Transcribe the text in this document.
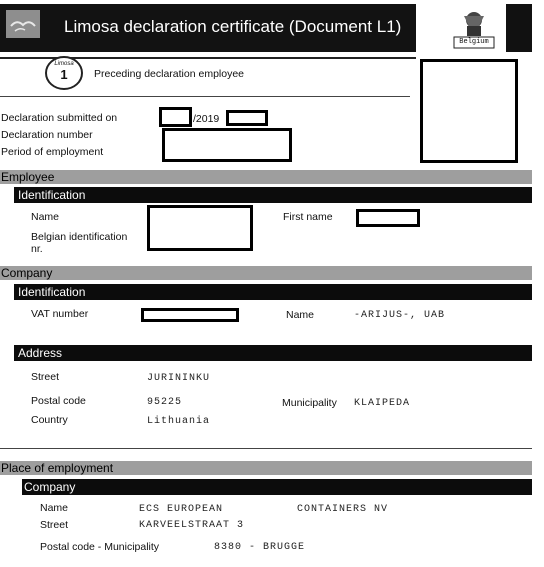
Limosa declaration certificate (Document L1)
Belgium
Limosa
1	Preceding declaration employee
Declaration submitted on	/2019
Declaration number
Period of employment
Employee
Identification
Name	First name
Belgian identification
nr.
Company
Identification
VAT number	Name	-ARIJUS-, UAB
Address
Street	JURININKU
Postal code	95225	Municipality KLAIPEDA
Country	Lithuania
Place of employment
Company
Name	ECS EUROPEAN	CONTAINERS NV
Street	KARVEELSTRAAT 3
Postal code - Municipality	8380 - BRUGGE
